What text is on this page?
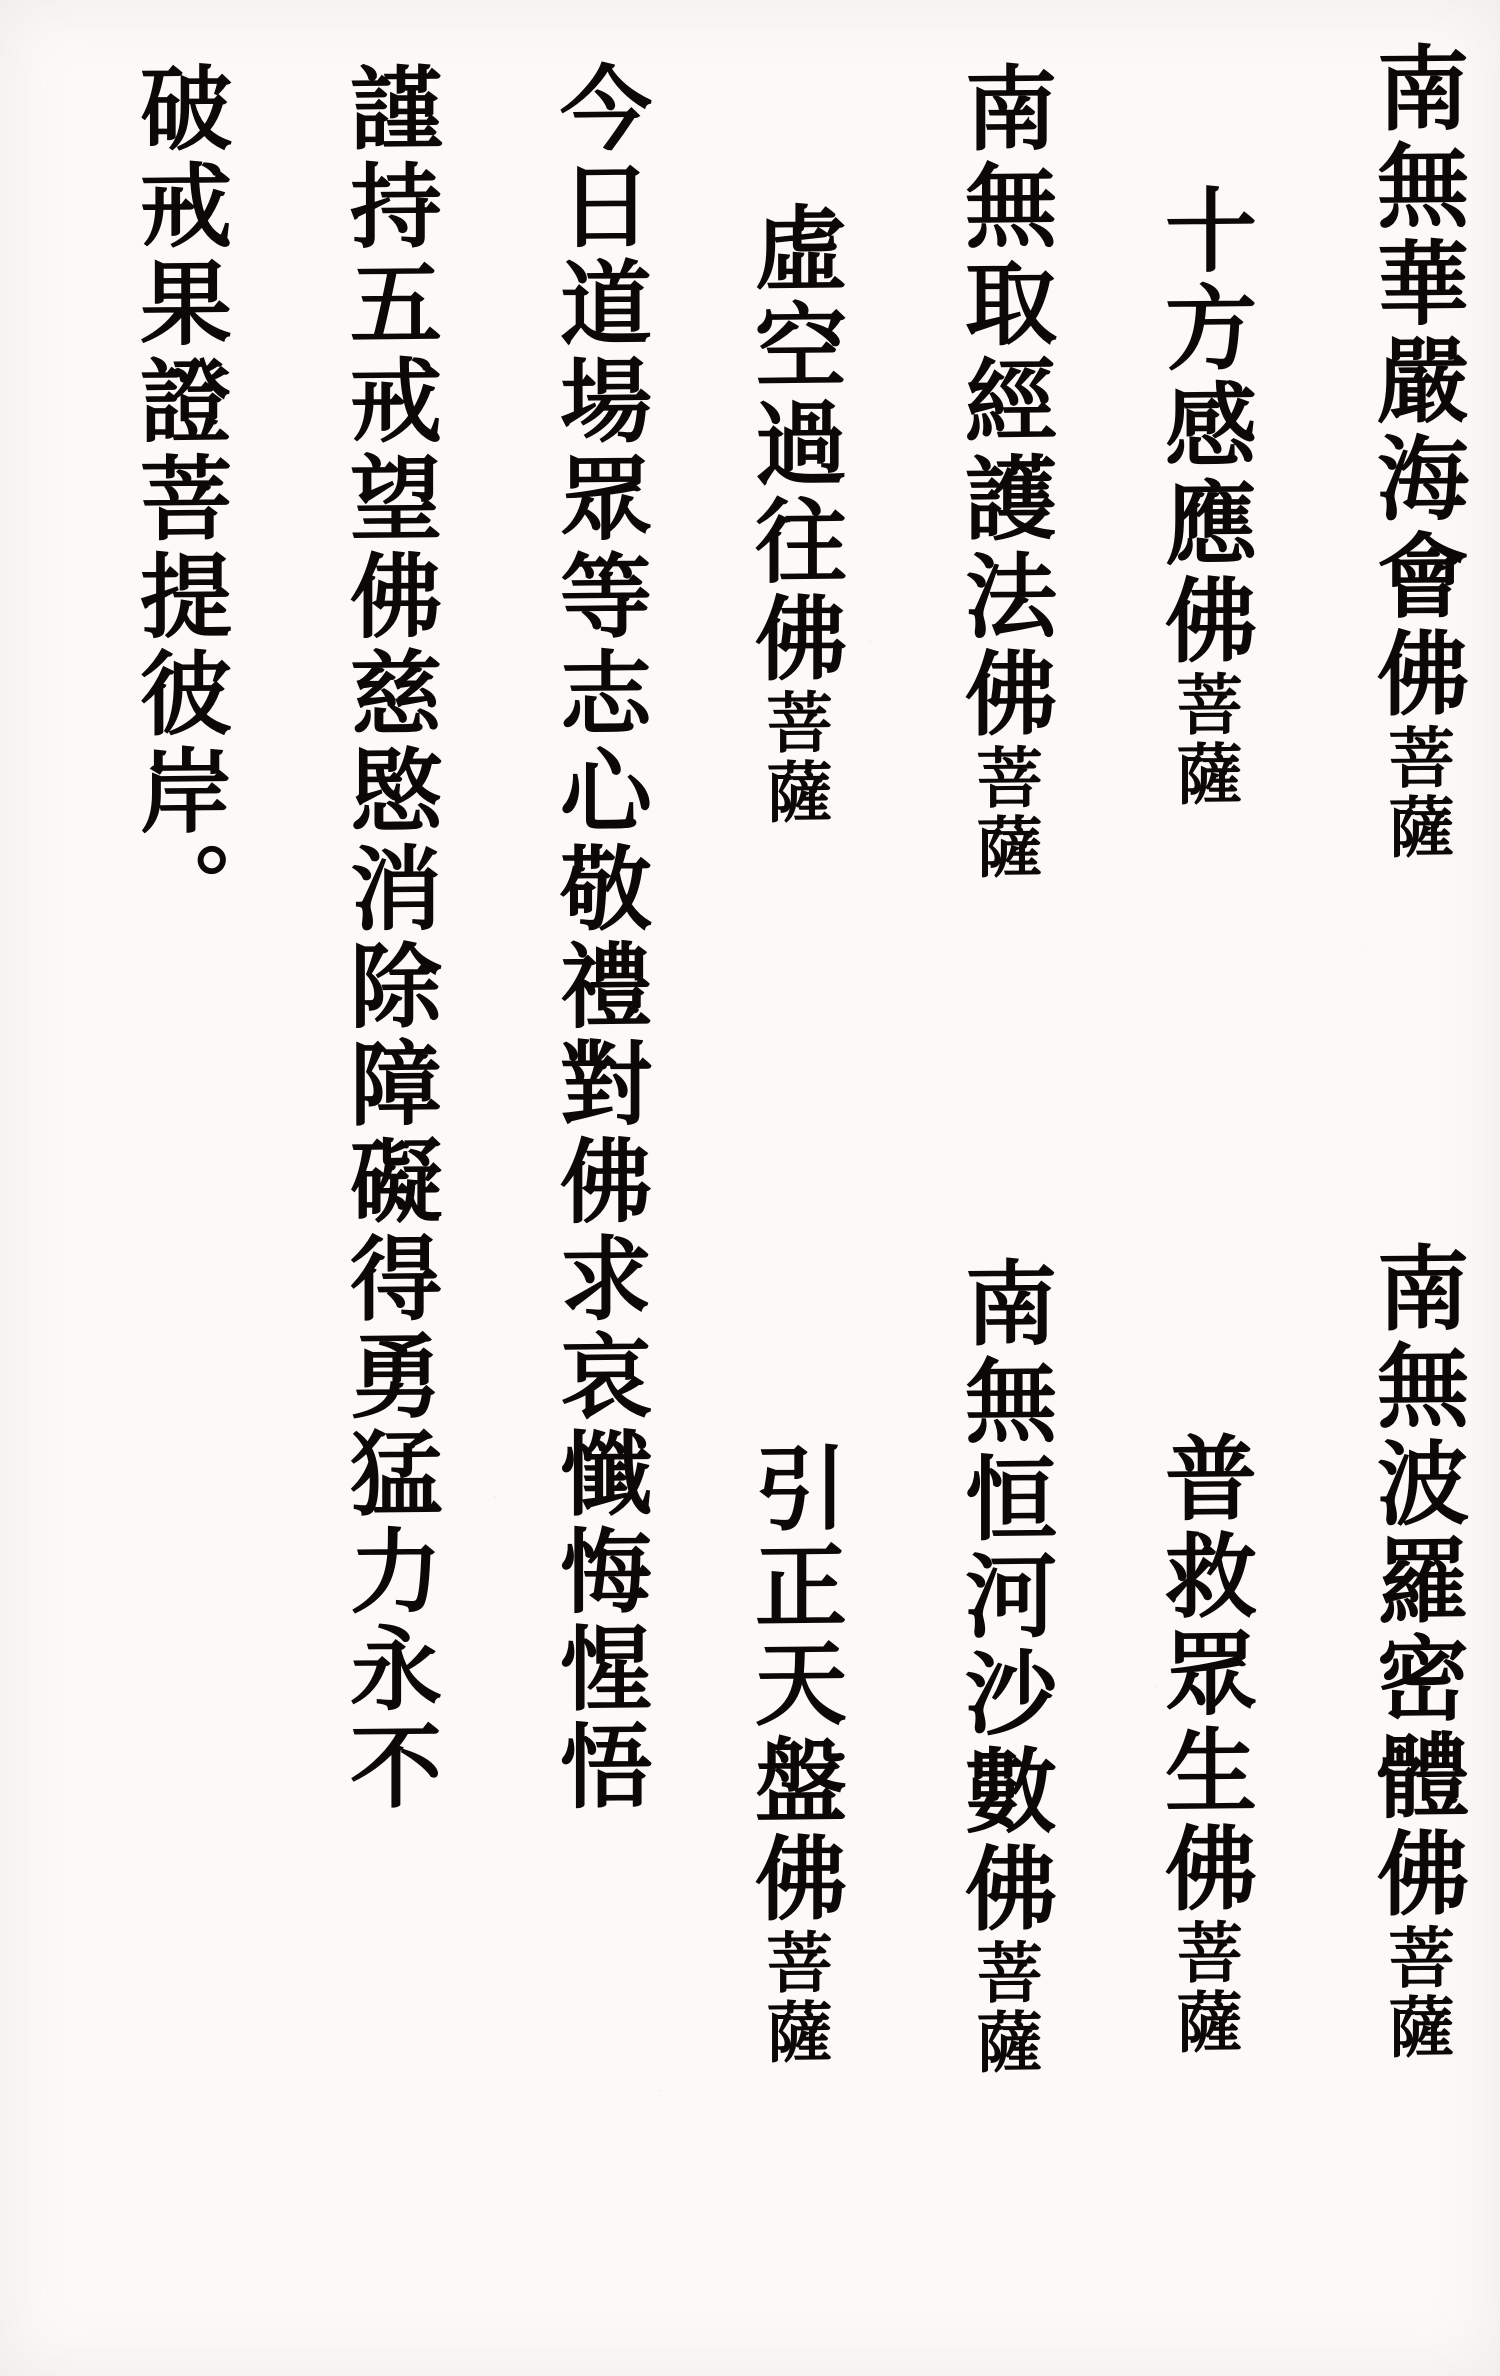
南無華嚴海會佛菩薩
十方感應佛菩薩
南無取經護法佛菩薩
虛空過往佛菩薩
今日道場眾等志心敬禮對佛求哀懺悔惺悟
謹持五戒望佛慈愍消除障礙得勇猛力永不
破戒果證菩提彼岸。
南無波羅密體佛菩薩
普救眾生佛菩薩
南無恒河沙數佛菩薩
引正天盤佛菩薩
